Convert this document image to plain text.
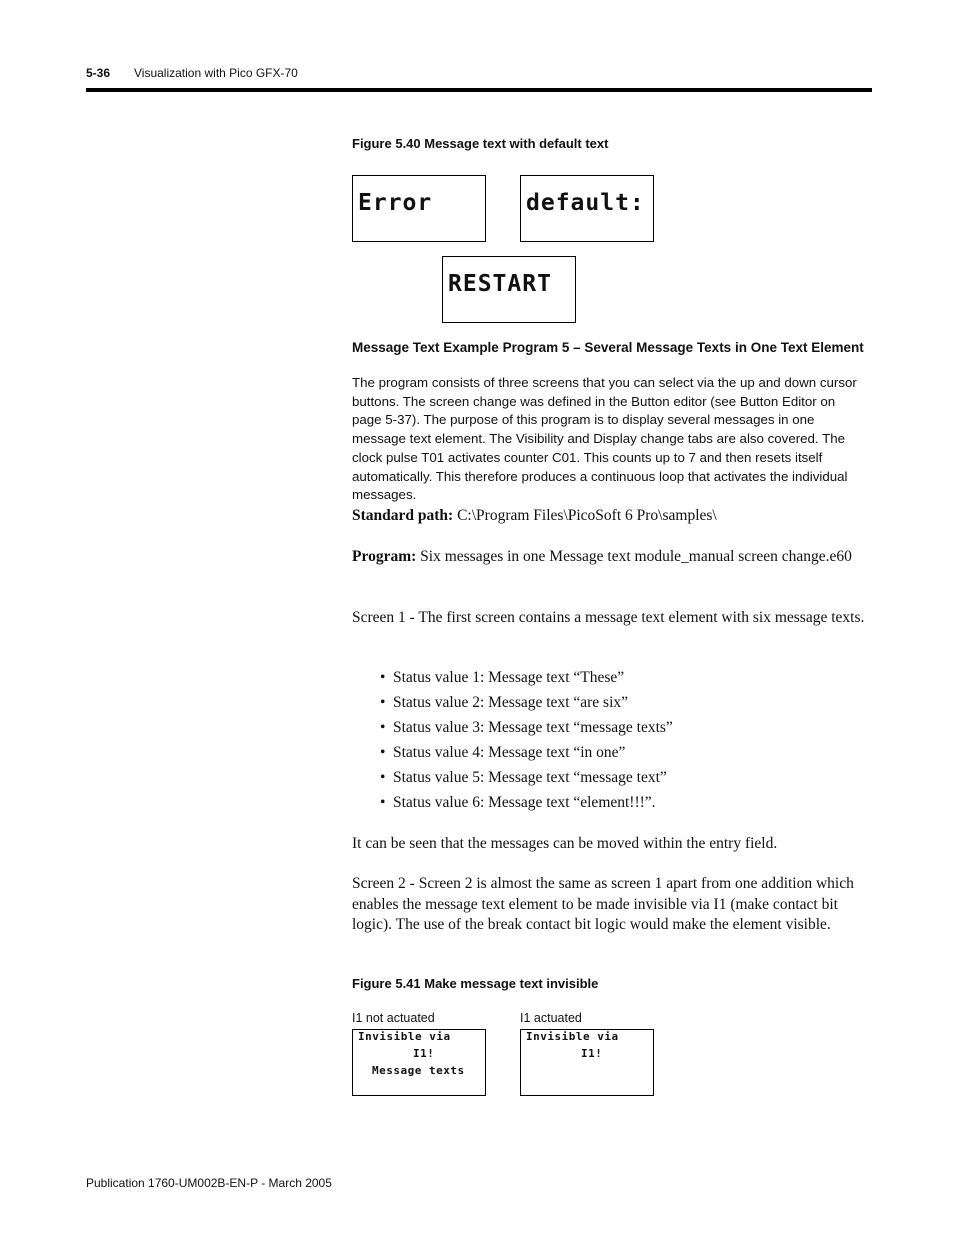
5-36 Visualization with Pico GFX-70
Figure 5.40 Message text with default text
Error	default:
RESTART
Message Text Example Program 5 – Several Message Texts in One Text Element
The program consists of three screens that you can select via the up and down cursor buttons. The screen change was defined in the Button editor (see Button Editor on page 5-37). The purpose of this program is to display several messages in one message text element. The Visibility and Display change tabs are also covered. The clock pulse T01 activates counter C01. This counts up to 7 and then resets itself automatically. This therefore produces a continuous loop that activates the individual messages.
Standard path: C:\Program Files\PicoSoft 6 Pro\samples\
Program: Six messages in one Message text module_manual screen change.e60
Screen 1 - The first screen contains a message text element with six message texts.
• Status value 1: Message text “These”
• Status value 2: Message text “are six”
• Status value 3: Message text “message texts”
• Status value 4: Message text “in one”
• Status value 5: Message text “message text”
• Status value 6: Message text “element!!!”.
It can be seen that the messages can be moved within the entry field.
Screen 2 - Screen 2 is almost the same as screen 1 apart from one addition which enables the message text element to be made invisible via I1 (make contact bit logic). The use of the break contact bit logic would make the element visible.
Figure 5.41 Make message text invisible
I1 not actuated	I1 actuated
Invisible via
I1!
Message texts
Invisible via
I1!
Publication 1760-UM002B-EN-P - March 2005
